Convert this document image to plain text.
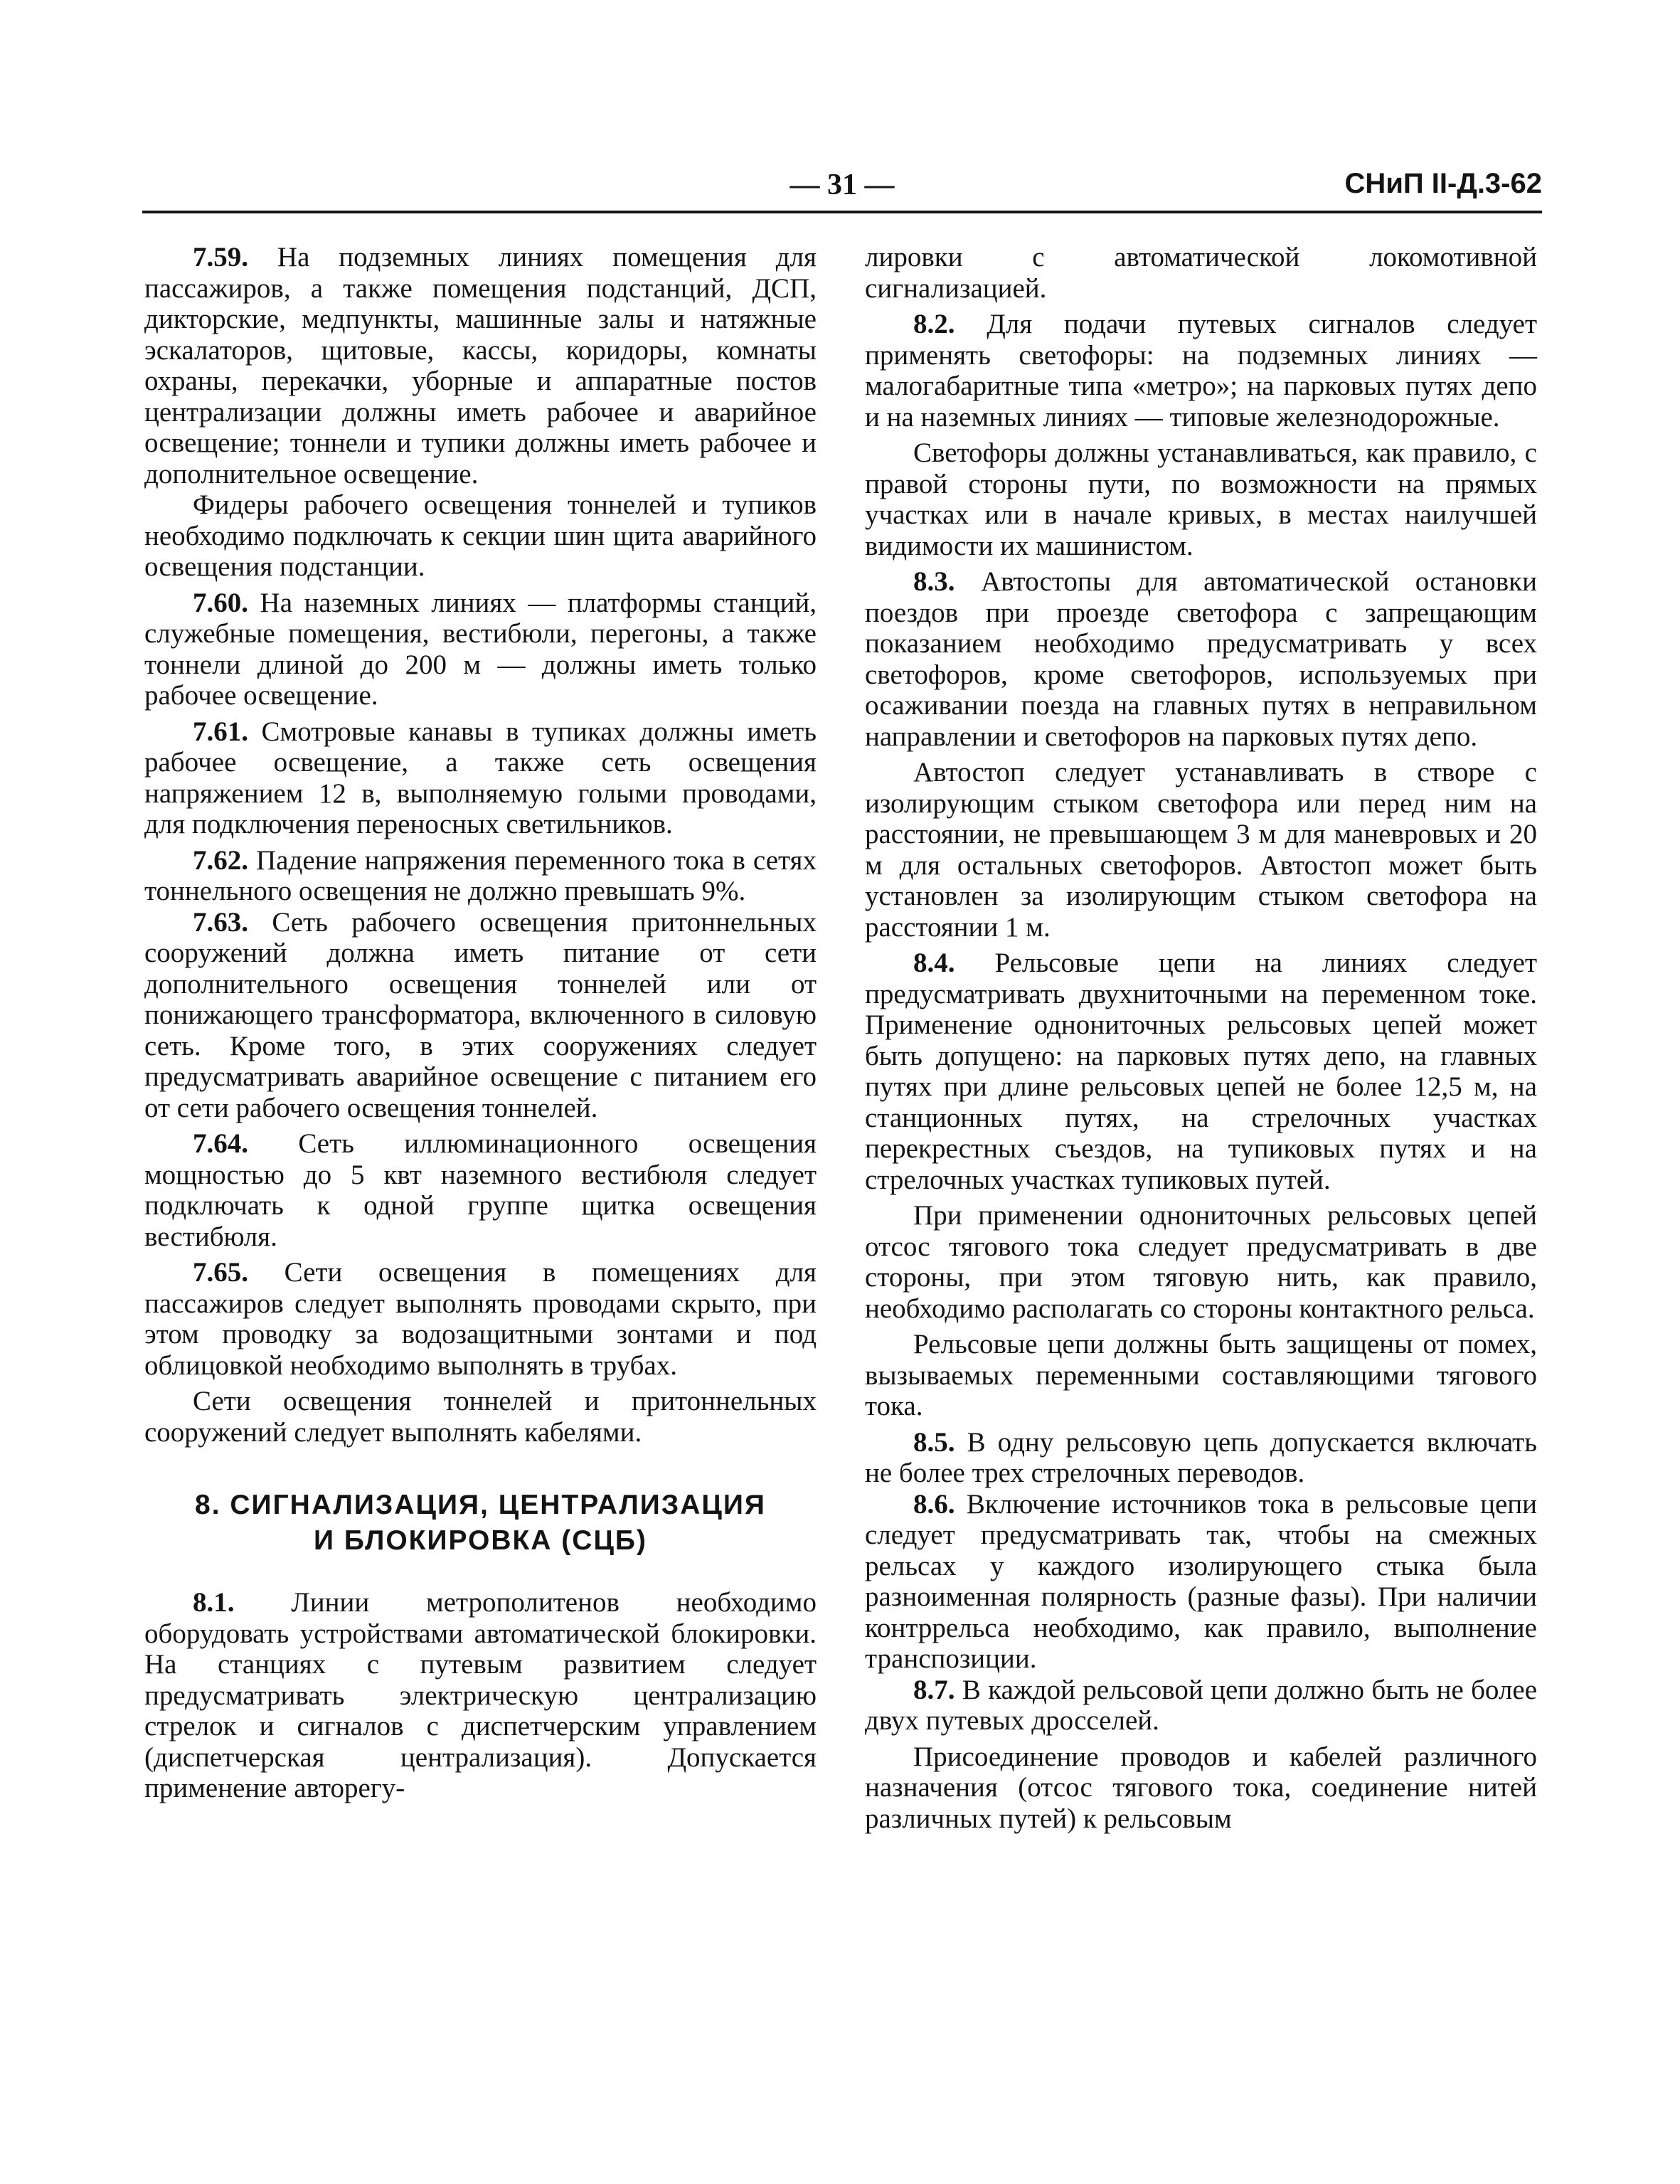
— 31 —	СНиП II-Д.3-62

7.59. На подземных линиях помещения для пассажиров, а также помещения подстанций, ДСП, дикторские, медпункты, машинные залы и натяжные эскалаторов, щитовые, кассы, коридоры, комнаты охраны, перекачки, уборные и аппаратные постов централизации должны иметь рабочее и аварийное освещение; тоннели и тупики должны иметь рабочее и дополнительное освещение.

Фидеры рабочего освещения тоннелей и тупиков необходимо подключать к секции шин щита аварийного освещения подстанции.

7.60. На наземных линиях — платформы станций, служебные помещения, вестибюли, перегоны, а также тоннели длиной до 200 м — должны иметь только рабочее освещение.

7.61. Смотровые канавы в тупиках должны иметь рабочее освещение, а также сеть освещения напряжением 12 в, выполняемую голыми проводами, для подключения переносных светильников.

7.62. Падение напряжения переменного тока в сетях тоннельного освещения не должно превышать 9%.

7.63. Сеть рабочего освещения притоннельных сооружений должна иметь питание от сети дополнительного освещения тоннелей или от понижающего трансформатора, включенного в силовую сеть. Кроме того, в этих сооружениях следует предусматривать аварийное освещение с питанием его от сети рабочего освещения тоннелей.

7.64. Сеть иллюминационного освещения мощностью до 5 квт наземного вестибюля следует подключать к одной группе щитка освещения вестибюля.

7.65. Сети освещения в помещениях для пассажиров следует выполнять проводами скрыто, при этом проводку за водозащитными зонтами и под облицовкой необходимо выполнять в трубах.

Сети освещения тоннелей и притоннельных сооружений следует выполнять кабелями.

8. СИГНАЛИЗАЦИЯ, ЦЕНТРАЛИЗАЦИЯ
И БЛОКИРОВКА (СЦБ)

8.1. Линии метрополитенов необходимо оборудовать устройствами автоматической блокировки. На станциях с путевым развитием следует предусматривать электрическую централизацию стрелок и сигналов с диспетчерским управлением (диспетчерская централизация). Допускается применение авторегу-

лировки с автоматической локомотивной сигнализацией.

8.2. Для подачи путевых сигналов следует применять светофоры: на подземных линиях — малогабаритные типа «метро»; на парковых путях депо и на наземных линиях — типовые железнодорожные.

Светофоры должны устанавливаться, как правило, с правой стороны пути, по возможности на прямых участках или в начале кривых, в местах наилучшей видимости их машинистом.

8.3. Автостопы для автоматической остановки поездов при проезде светофора с запрещающим показанием необходимо предусматривать у всех светофоров, кроме светофоров, используемых при осаживании поезда на главных путях в неправильном направлении и светофоров на парковых путях депо.

Автостоп следует устанавливать в створе с изолирующим стыком светофора или перед ним на расстоянии, не превышающем 3 м для маневровых и 20 м для остальных светофоров. Автостоп может быть установлен за изолирующим стыком светофора на расстоянии 1 м.

8.4. Рельсовые цепи на линиях следует предусматривать двухниточными на переменном токе. Применение однониточных рельсовых цепей может быть допущено: на парковых путях депо, на главных путях при длине рельсовых цепей не более 12,5 м, на станционных путях, на стрелочных участках перекрестных съездов, на тупиковых путях и на стрелочных участках тупиковых путей.

При применении однониточных рельсовых цепей отсос тягового тока следует предусматривать в две стороны, при этом тяговую нить, как правило, необходимо располагать со стороны контактного рельса.

Рельсовые цепи должны быть защищены от помех, вызываемых переменными составляющими тягового тока.

8.5. В одну рельсовую цепь допускается включать не более трех стрелочных переводов.

8.6. Включение источников тока в рельсовые цепи следует предусматривать так, чтобы на смежных рельсах у каждого изолирующего стыка была разноименная полярность (разные фазы). При наличии контррельса необходимо, как правило, выполнение транспозиции.

8.7. В каждой рельсовой цепи должно быть не более двух путевых дросселей.

Присоединение проводов и кабелей различного назначения (отсос тягового тока, соединение нитей различных путей) к рельсовым
